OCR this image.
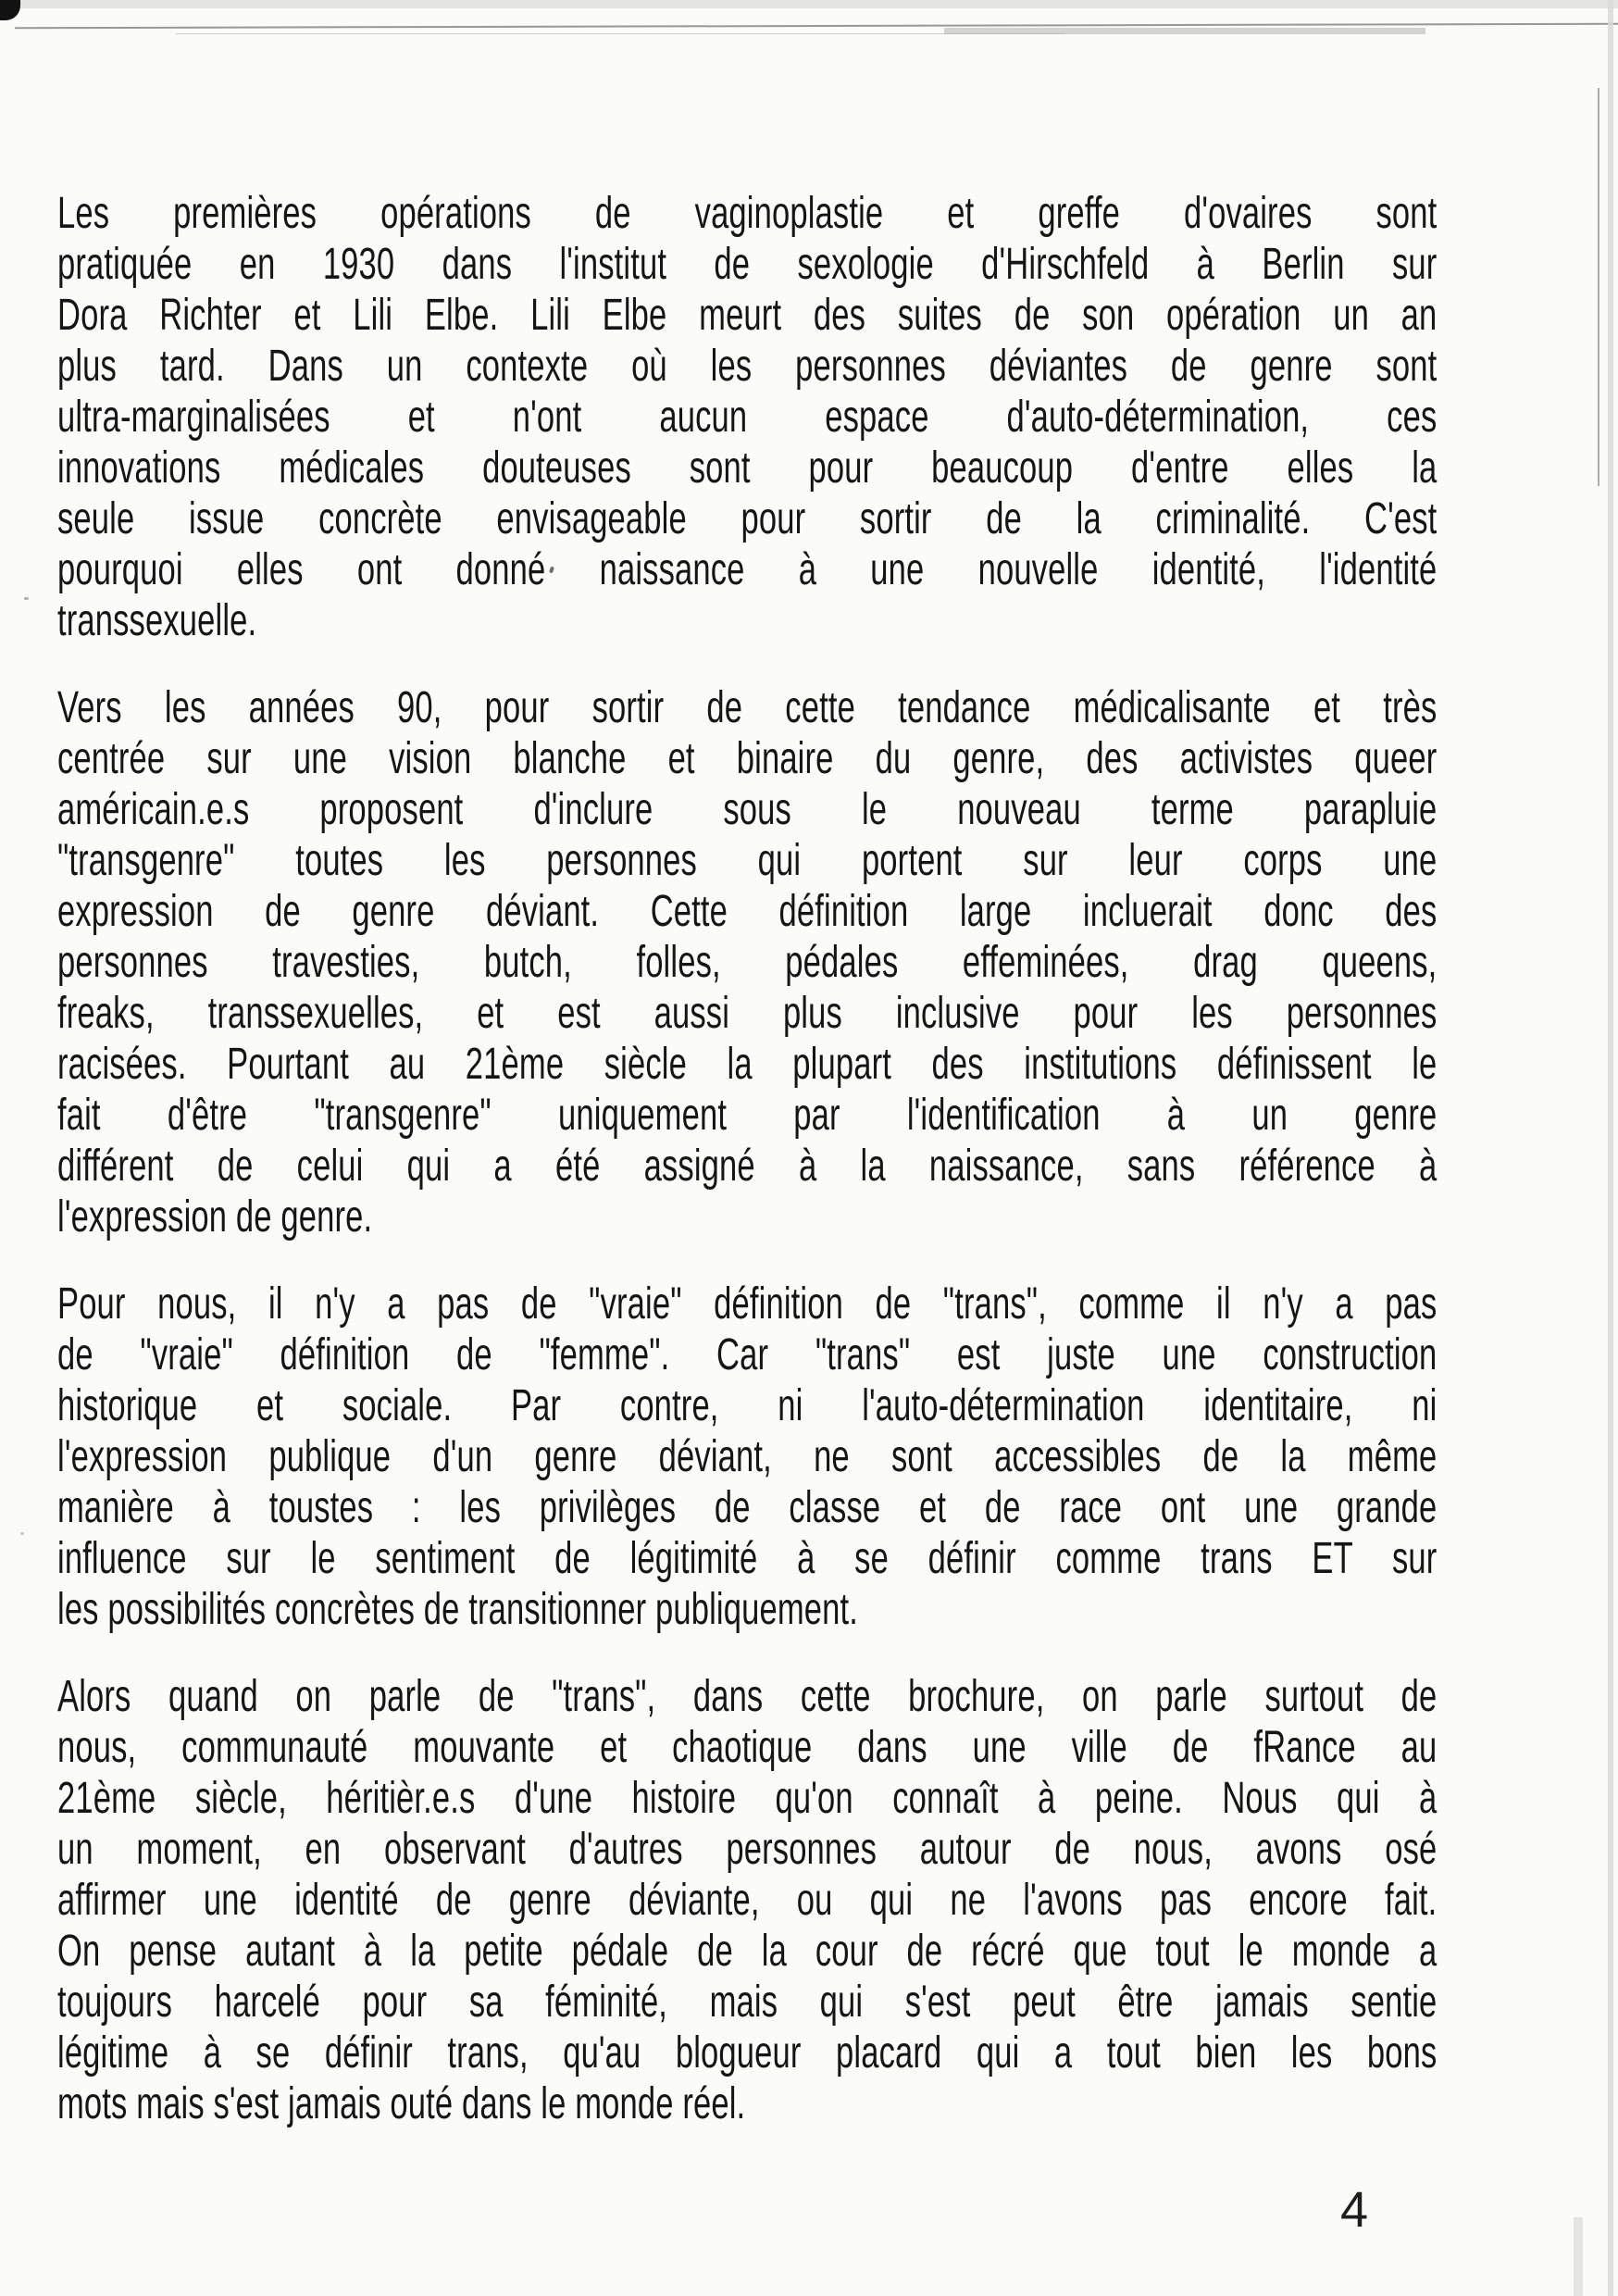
Les premières opérations de vaginoplastie et greffe d'ovaires sont
pratiquée en 1930 dans l'institut de sexologie d'Hirschfeld à Berlin sur
Dora Richter et Lili Elbe. Lili Elbe meurt des suites de son opération un an
plus tard. Dans un contexte où les personnes déviantes de genre sont
ultra-marginalisées et n'ont aucun espace d'auto-détermination, ces
innovations médicales douteuses sont pour beaucoup d'entre elles la
seule issue concrète envisageable pour sortir de la criminalité. C'est
pourquoi elles ont donné naissance à une nouvelle identité, l'identité
transsexuelle.
Vers les années 90, pour sortir de cette tendance médicalisante et très
centrée sur une vision blanche et binaire du genre, des activistes queer
américain.e.s proposent d'inclure sous le nouveau terme parapluie
"transgenre" toutes les personnes qui portent sur leur corps une
expression de genre déviant. Cette définition large incluerait donc des
personnes travesties, butch, folles, pédales effeminées, drag queens,
freaks, transsexuelles, et est aussi plus inclusive pour les personnes
racisées. Pourtant au 21ème siècle la plupart des institutions définissent le
fait d'être "transgenre" uniquement par l'identification à un genre
différent de celui qui a été assigné à la naissance, sans référence à
l'expression de genre.
Pour nous, il n'y a pas de "vraie" définition de "trans", comme il n'y a pas
de "vraie" définition de "femme". Car "trans" est juste une construction
historique et sociale. Par contre, ni l'auto-détermination identitaire, ni
l'expression publique d'un genre déviant, ne sont accessibles de la même
manière à toustes : les privilèges de classe et de race ont une grande
influence sur le sentiment de légitimité à se définir comme trans ET sur
les possibilités concrètes de transitionner publiquement.
Alors quand on parle de "trans", dans cette brochure, on parle surtout de
nous, communauté mouvante et chaotique dans une ville de fRance au
21ème siècle, héritièr.e.s d'une histoire qu'on connaît à peine. Nous qui à
un moment, en observant d'autres personnes autour de nous, avons osé
affirmer une identité de genre déviante, ou qui ne l'avons pas encore fait.
On pense autant à la petite pédale de la cour de récré que tout le monde a
toujours harcelé pour sa féminité, mais qui s'est peut être jamais sentie
légitime à se définir trans, qu'au blogueur placard qui a tout bien les bons
mots mais s'est jamais outé dans le monde réel.
4
